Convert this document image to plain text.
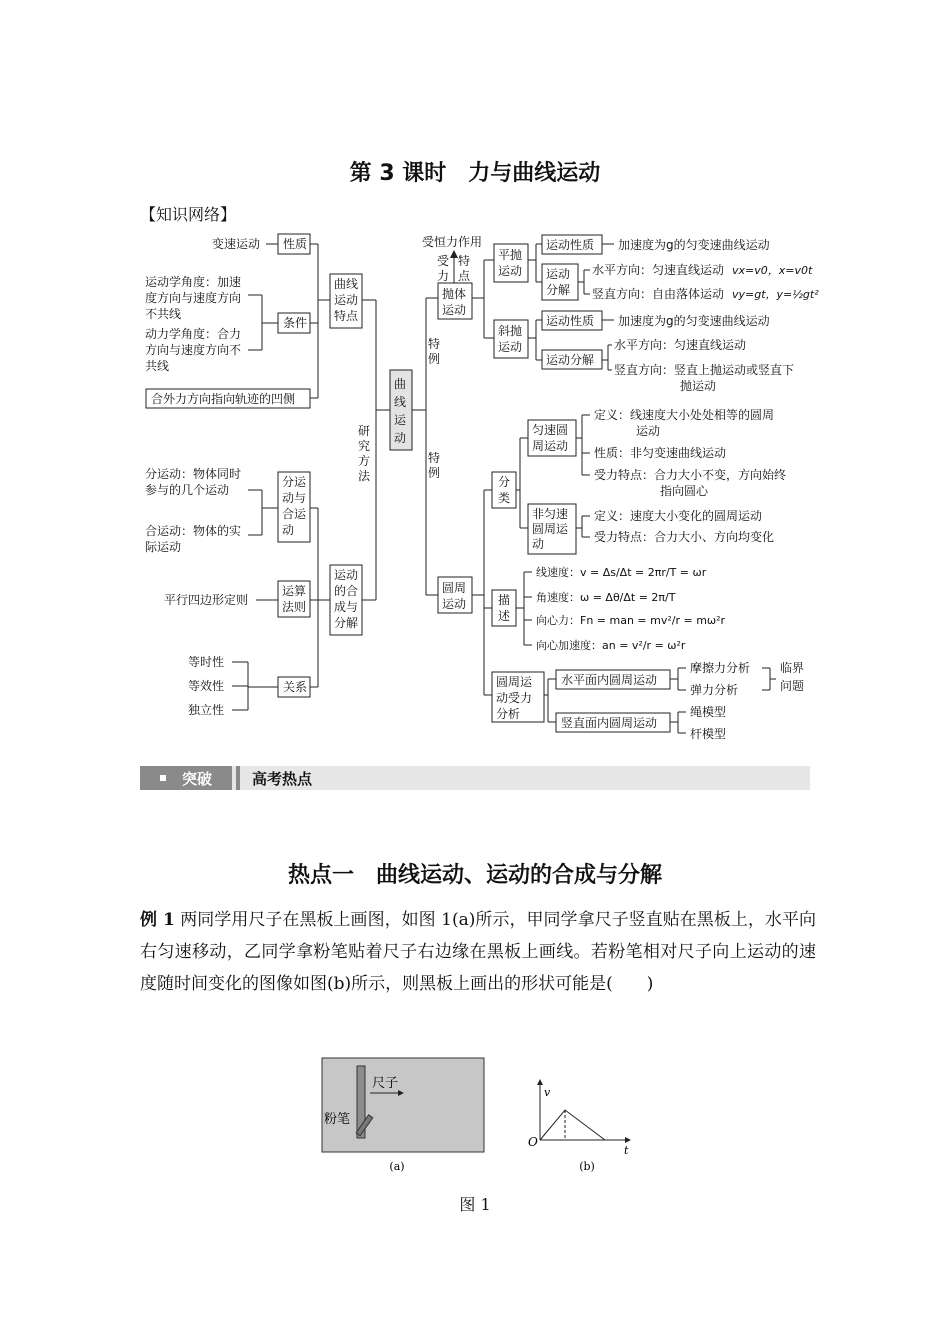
第 3 课时　力与曲线运动
【知识网络】
变速运动 性质
运动学角度：加速
度方向与速度方向
不共线
动力学角度：合力
方向与速度方向不
共线
条件
合外力方向指向轨迹的凹侧
曲线
运动
特点
曲
线
运
动
研
究
方
法
特
例
特
例
分运动：物体同时
参与的几个运动
合运动：物体的实
际运动
分运
动与
合运
动
平行四边形定则
运算
法则
等时性
等效性
独立性
关系
运动
的合
成与
分解
受恒力作用
受
力
特
点
抛体
运动
平抛
运动
运动性质 加速度为g的匀变速曲线运动
运动
分解
水平方向：匀速直线运动 vx=v0，x=v0t
竖直方向：自由落体运动 vy=gt，y=½gt²
斜抛
运动
运动性质 加速度为g的匀变速曲线运动
运动分解
水平方向：匀速直线运动
竖直方向：竖直上抛运动或竖直下
抛运动
圆周
运动
分
类
匀速圆
周运动
定义：线速度大小处处相等的圆周
运动
性质：非匀变速曲线运动
受力特点：合力大小不变，方向始终
指向圆心
非匀速
圆周运
动
定义：速度大小变化的圆周运动
受力特点：合力大小、方向均变化
描
述
线速度：v = Δs/Δt = 2πr/T = ωr
角速度：ω = Δθ/Δt = 2π/T
向心力：Fn = man = mv²/r = mω²r
向心加速度：an = v²/r = ω²r
圆周运
动受力
分析
水平面内圆周运动
摩擦力分析
弹力分析
临界
问题
竖直面内圆周运动
绳模型
杆模型
突破	高考热点
热点一　曲线运动、运动的合成与分解
例 1 两同学用尺子在黑板上画图，如图 1(a)所示，甲同学拿尺子竖直贴在黑板上，水平向右匀速移动，乙同学拿粉笔贴着尺子右边缘在黑板上画线。若粉笔相对尺子向上运动的速度随时间变化的图像如图(b)所示，则黑板上画出的形状可能是(　　)
尺子
粉笔
(a)
v
t
O
(b)
图 1
